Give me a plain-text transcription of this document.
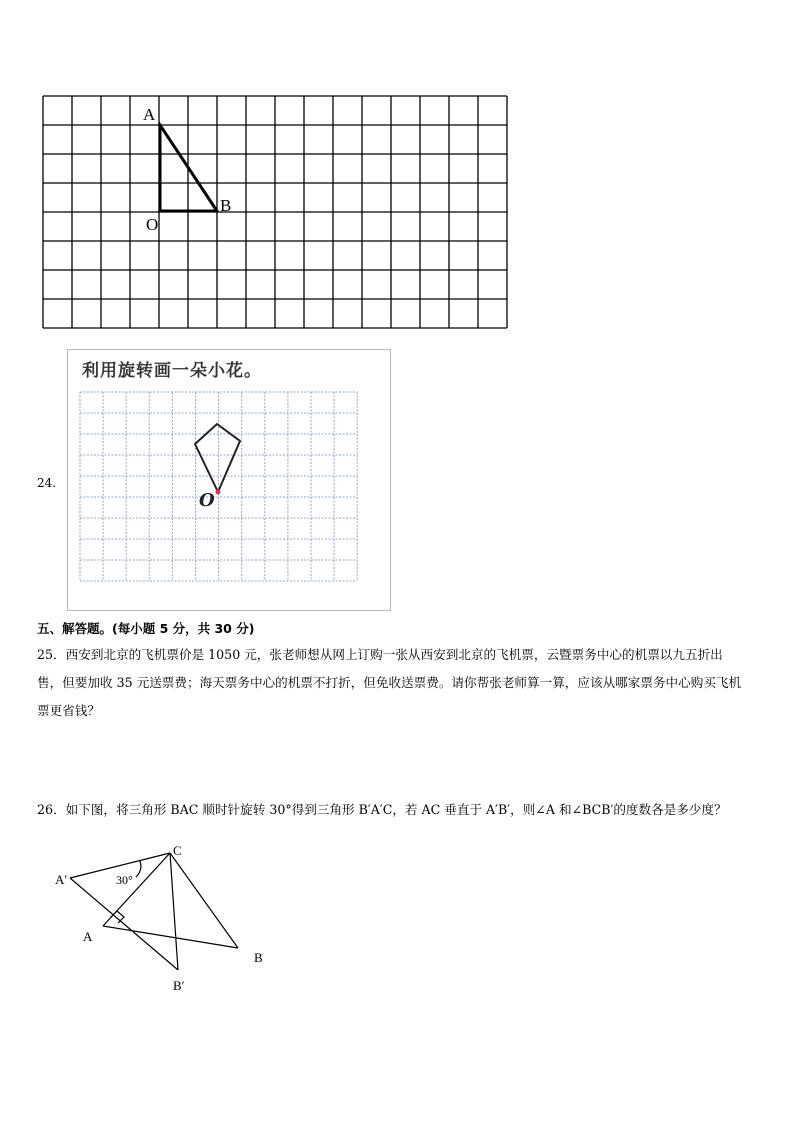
A
B
O
24.
利用旋转画一朵小花。
O
五、解答题。(每小题 5 分，共 30 分)
25．西安到北京的飞机票价是 1050 元，张老师想从网上订购一张从西安到北京的飞机票，云暨票务中心的机票以九五折出售，但要加收 35 元送票费；海天票务中心的机票不打折，但免收送票费。请你帮张老师算一算，应该从哪家票务中心购买飞机票更省钱？
26．如下图，将三角形 BAC 顺时针旋转 30°得到三角形 B′A′C，若 AC 垂直于 A′B′，则∠A 和∠BCB′的度数各是多少度？
C
A′
A
B
B′
30°
